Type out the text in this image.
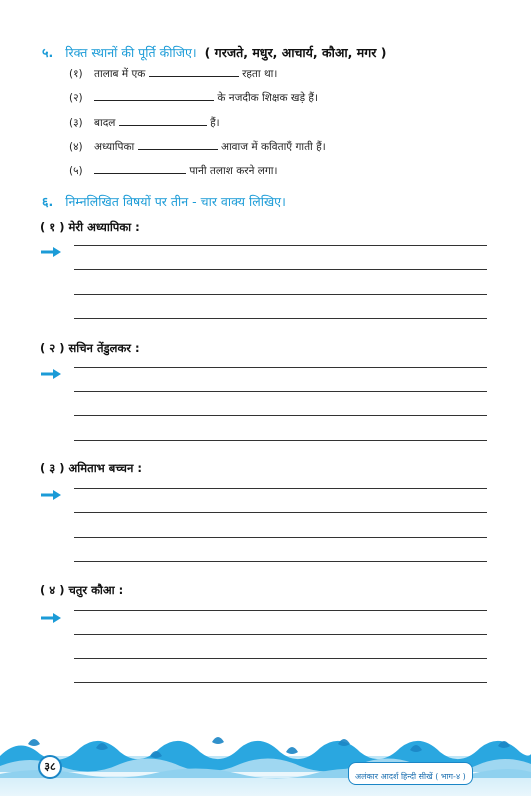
५. रिक्त स्थानों की पूर्ति कीजिए। ( गरजते, मधुर, आचार्य, कौआ, मगर )
(१) तालाब में एक	रहता था।
(२)	के नजदीक शिक्षक खड़े हैं।
(३) बादल	हैं।
(४) अध्यापिका	आवाज में कविताएँ गाती हैं।
(५)	पानी तलाश करने लगा।
६. निम्नलिखित विषयों पर तीन - चार वाक्य लिखिए।
( १ ) मेरी अध्यापिका :
( २ ) सचिन तेंडुलकर :
( ३ ) अमिताभ बच्चन :
( ४ ) चतुर कौआ :
३८
अलंकार आदर्श हिन्दी सीखें ( भाग-४ )
